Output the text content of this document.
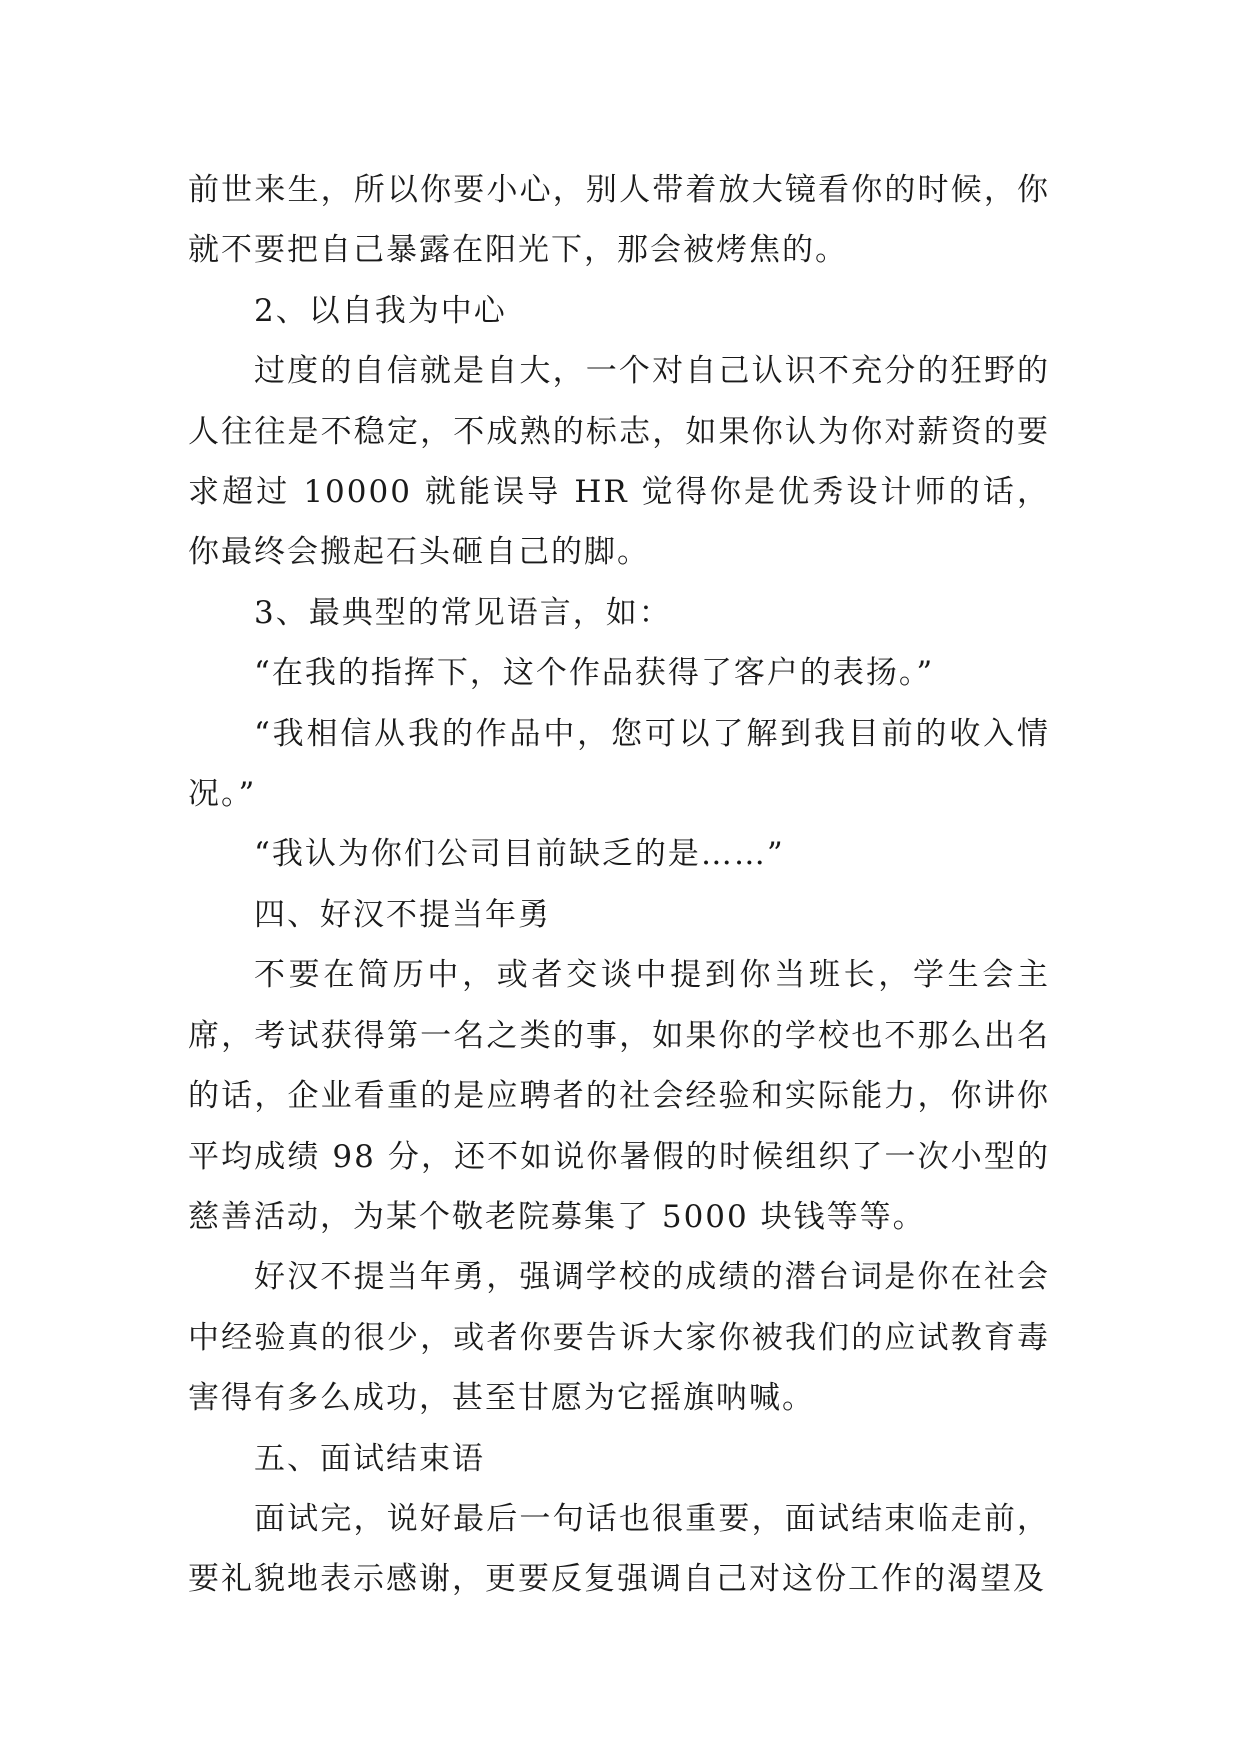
前世来生，所以你要小心，别人带着放大镜看你的时候，你就不要把自己暴露在阳光下，那会被烤焦的。

2、以自我为中心

过度的自信就是自大，一个对自己认识不充分的狂野的人往往是不稳定，不成熟的标志，如果你认为你对薪资的要求超过 10000 就能误导 HR 觉得你是优秀设计师的话，你最终会搬起石头砸自己的脚。

3、最典型的常见语言，如：

“在我的指挥下，这个作品获得了客户的表扬。”

“我相信从我的作品中，您可以了解到我目前的收入情况。”

“我认为你们公司目前缺乏的是……”

四、好汉不提当年勇

不要在简历中，或者交谈中提到你当班长，学生会主席，考试获得第一名之类的事，如果你的学校也不那么出名的话，企业看重的是应聘者的社会经验和实际能力，你讲你平均成绩 98 分，还不如说你暑假的时候组织了一次小型的慈善活动，为某个敬老院募集了 5000 块钱等等。

好汉不提当年勇，强调学校的成绩的潜台词是你在社会中经验真的很少，或者你要告诉大家你被我们的应试教育毒害得有多么成功，甚至甘愿为它摇旗呐喊。

五、面试结束语

面试完，说好最后一句话也很重要，面试结束临走前，要礼貌地表示感谢，更要反复强调自己对这份工作的渴望及
